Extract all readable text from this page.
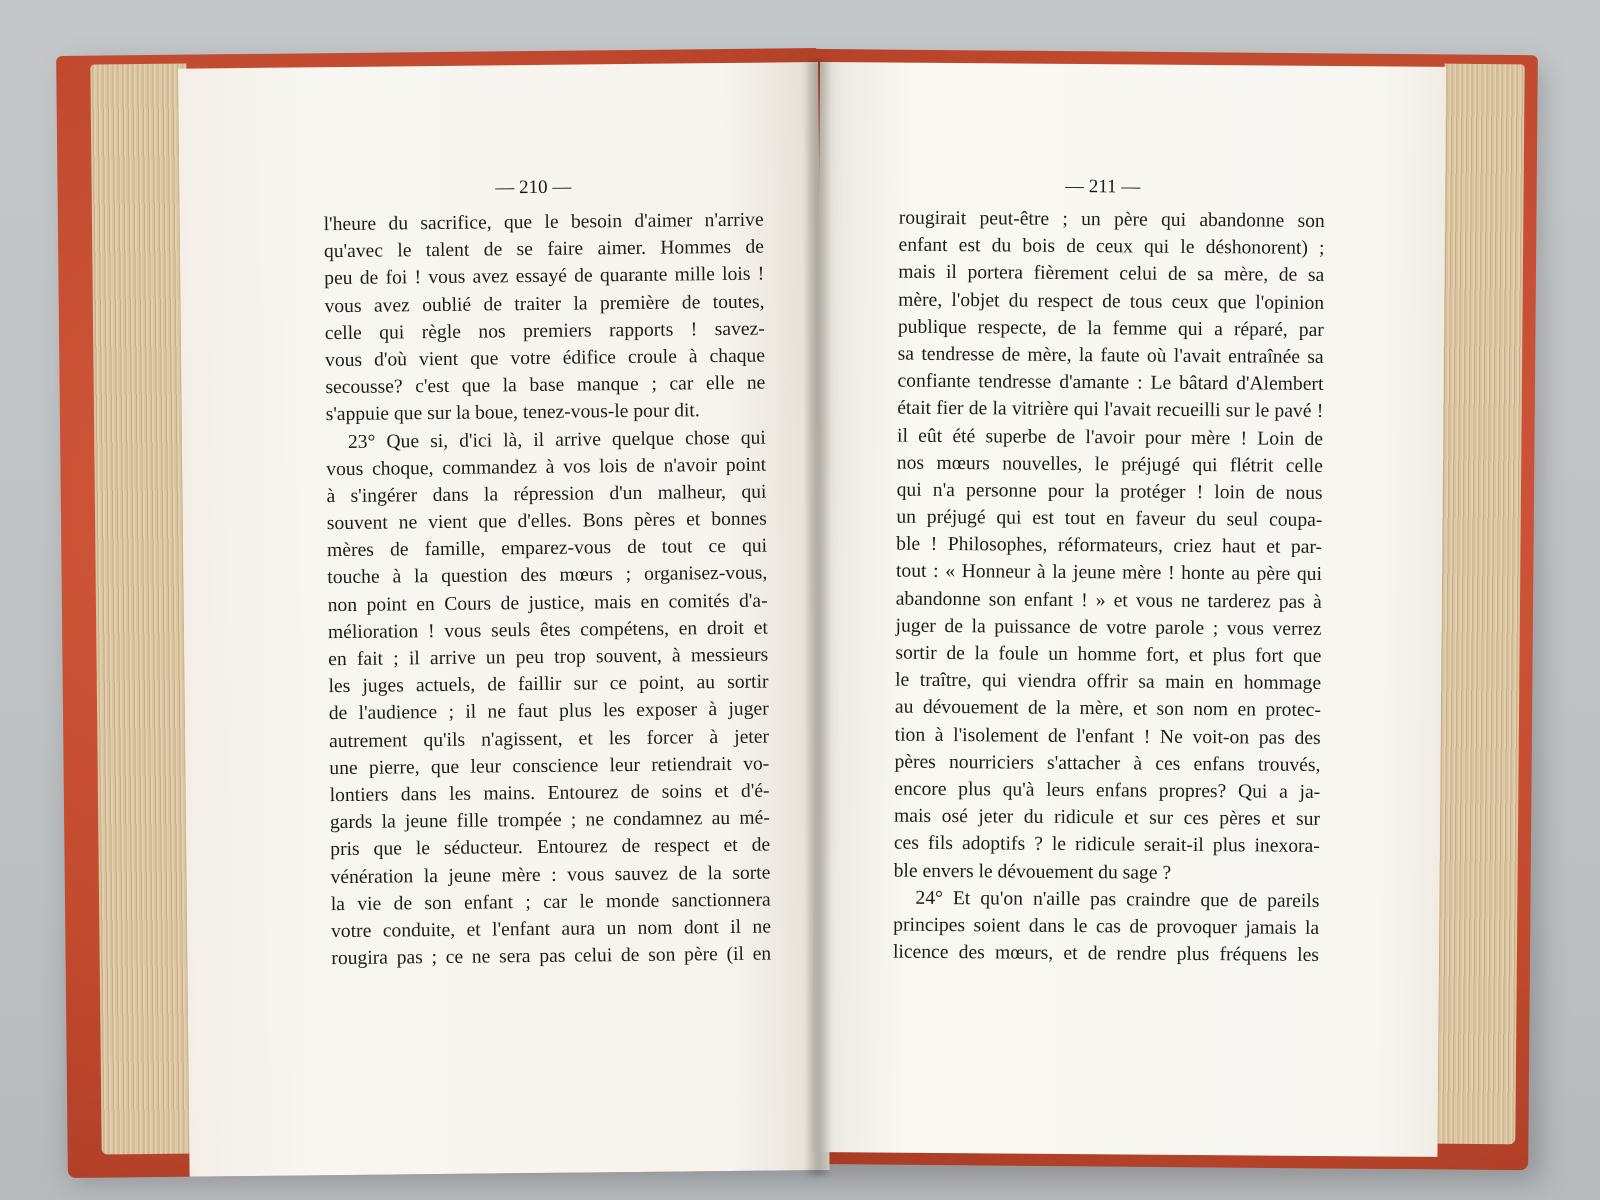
— 210 —
l'heure du sacrifice, que le besoin d'aimer n'arrive
qu'avec le talent de se faire aimer. Hommes de
peu de foi ! vous avez essayé de quarante mille lois !
vous avez oublié de traiter la première de toutes,
celle qui règle nos premiers rapports ! savez-
vous d'où vient que votre édifice croule à chaque
secousse? c'est que la base manque ; car elle ne
s'appuie que sur la boue, tenez-vous-le pour dit.
23° Que si, d'ici là, il arrive quelque chose qui
vous choque, commandez à vos lois de n'avoir point
à s'ingérer dans la répression d'un malheur, qui
souvent ne vient que d'elles. Bons pères et bonnes
mères de famille, emparez-vous de tout ce qui
touche à la question des mœurs ; organisez-vous,
non point en Cours de justice, mais en comités d'a-
mélioration ! vous seuls êtes compétens, en droit et
en fait ; il arrive un peu trop souvent, à messieurs
les juges actuels, de faillir sur ce point, au sortir
de l'audience ; il ne faut plus les exposer à juger
autrement qu'ils n'agissent, et les forcer à jeter
une pierre, que leur conscience leur retiendrait vo-
lontiers dans les mains. Entourez de soins et d'é-
gards la jeune fille trompée ; ne condamnez au mé-
pris que le séducteur. Entourez de respect et de
vénération la jeune mère : vous sauvez de la sorte
la vie de son enfant ; car le monde sanctionnera
votre conduite, et l'enfant aura un nom dont il ne
rougira pas ; ce ne sera pas celui de son père (il en
— 211 —
rougirait peut-être ; un père qui abandonne son
enfant est du bois de ceux qui le déshonorent) ;
mais il portera fièrement celui de sa mère, de sa
mère, l'objet du respect de tous ceux que l'opinion
publique respecte, de la femme qui a réparé, par
sa tendresse de mère, la faute où l'avait entraînée sa
confiante tendresse d'amante : Le bâtard d'Alembert
était fier de la vitrière qui l'avait recueilli sur le pavé !
il eût été superbe de l'avoir pour mère ! Loin de
nos mœurs nouvelles, le préjugé qui flétrit celle
qui n'a personne pour la protéger ! loin de nous
un préjugé qui est tout en faveur du seul coupa-
ble ! Philosophes, réformateurs, criez haut et par-
tout : « Honneur à la jeune mère ! honte au père qui
abandonne son enfant ! » et vous ne tarderez pas à
juger de la puissance de votre parole ; vous verrez
sortir de la foule un homme fort, et plus fort que
le traître, qui viendra offrir sa main en hommage
au dévouement de la mère, et son nom en protec-
tion à l'isolement de l'enfant ! Ne voit-on pas des
pères nourriciers s'attacher à ces enfans trouvés,
encore plus qu'à leurs enfans propres? Qui a ja-
mais osé jeter du ridicule et sur ces pères et sur
ces fils adoptifs ? le ridicule serait-il plus inexora-
ble envers le dévouement du sage ?
24° Et qu'on n'aille pas craindre que de pareils
principes soient dans le cas de provoquer jamais la
licence des mœurs, et de rendre plus fréquens les
